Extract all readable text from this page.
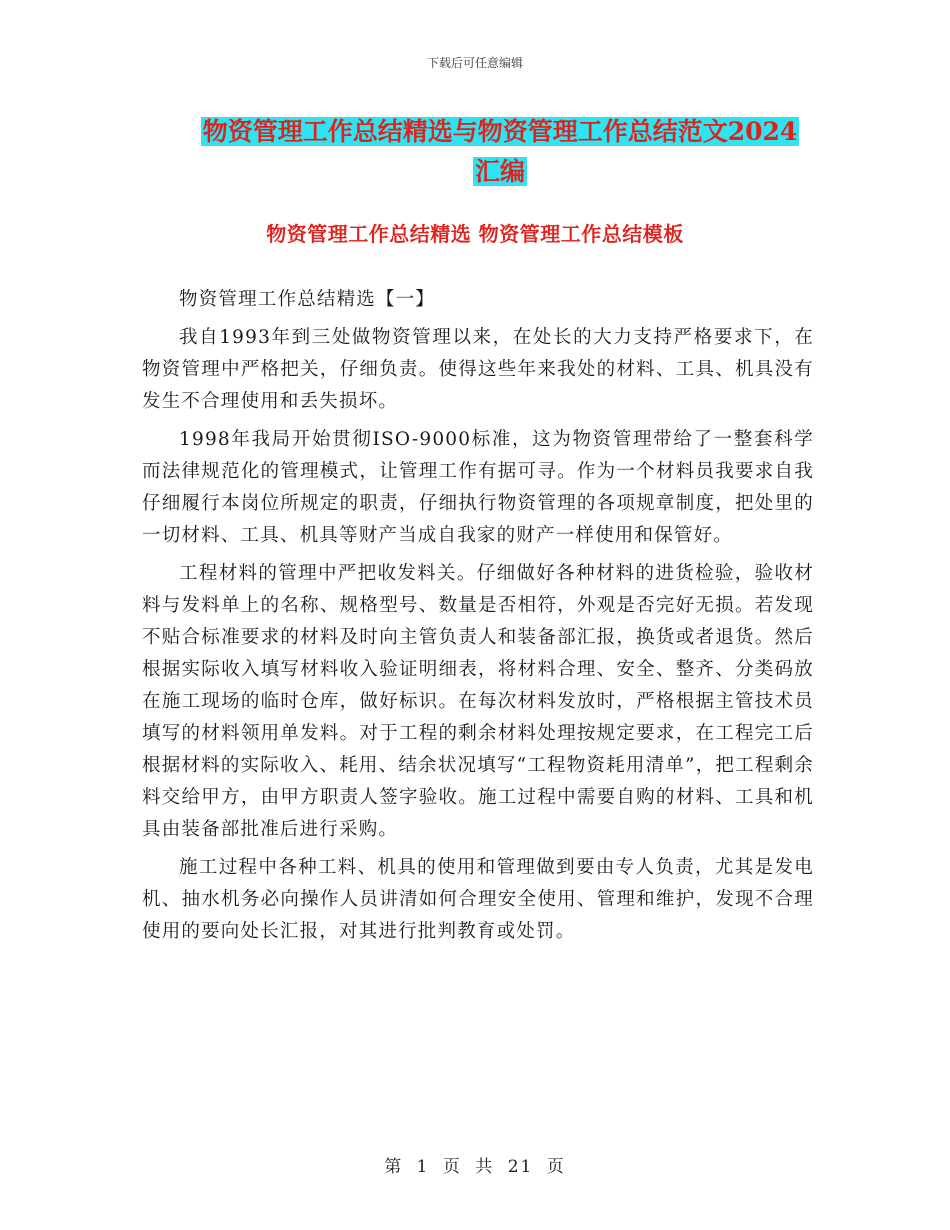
下载后可任意编辑
物资管理工作总结精选与物资管理工作总结范文2024
汇编
物资管理工作总结精选 物资管理工作总结模板

物资管理工作总结精选【一】

我自1993年到三处做物资管理以来，在处长的大力支持严格要求下，在物资管理中严格把关，仔细负责。使得这些年来我处的材料、工具、机具没有发生不合理使用和丢失损坏。

1998年我局开始贯彻ISO-9000标准，这为物资管理带给了一整套科学而法律规范化的管理模式，让管理工作有据可寻。作为一个材料员我要求自我仔细履行本岗位所规定的职责，仔细执行物资管理的各项规章制度，把处里的一切材料、工具、机具等财产当成自我家的财产一样使用和保管好。

工程材料的管理中严把收发料关。仔细做好各种材料的进货检验，验收材料与发料单上的名称、规格型号、数量是否相符，外观是否完好无损。若发现不贴合标准要求的材料及时向主管负责人和装备部汇报，换货或者退货。然后根据实际收入填写材料收入验证明细表，将材料合理、安全、整齐、分类码放在施工现场的临时仓库，做好标识。在每次材料发放时，严格根据主管技术员填写的材料领用单发料。对于工程的剩余材料处理按规定要求，在工程完工后根据材料的实际收入、耗用、结余状况填写“工程物资耗用清单”，把工程剩余料交给甲方，由甲方职责人签字验收。施工过程中需要自购的材料、工具和机具由装备部批准后进行采购。

施工过程中各种工料、机具的使用和管理做到要由专人负责，尤其是发电机、抽水机务必向操作人员讲清如何合理安全使用、管理和维护，发现不合理使用的要向处长汇报，对其进行批判教育或处罚。

第 1 页 共 21 页
